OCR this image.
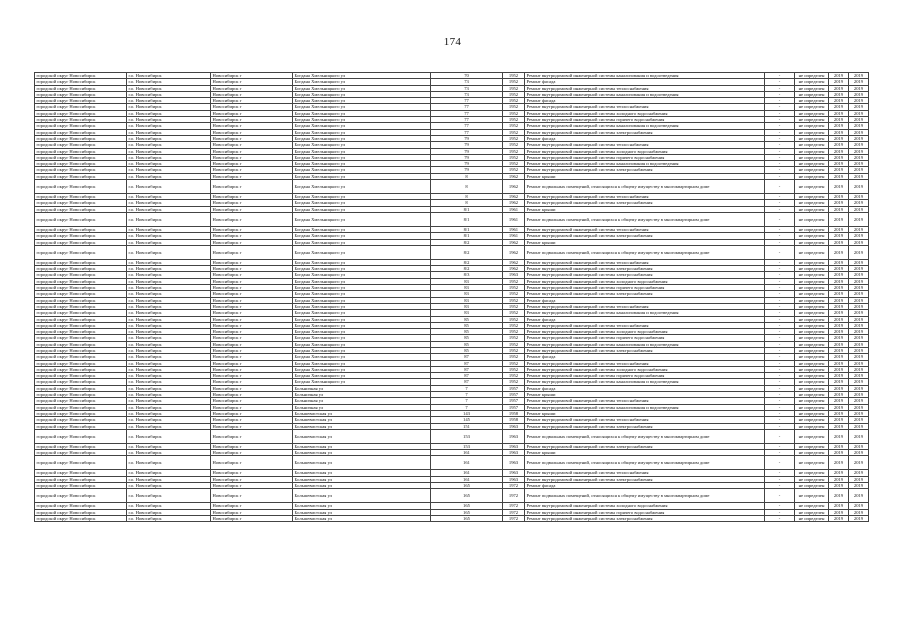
174
городской округ Новосибирск	г.о. Новосибирск	Новосибирск г	Богдана Хмельницкого ул	70	1952	Ремонт внутридомовой инженерной системы канализования и водоотведения	-	не определен	2019	2019
городской округ Новосибирск	г.о. Новосибирск	Новосибирск г	Богдана Хмельницкого ул	73	1952	Ремонт фасада	-	не определен	2019	2019
городской округ Новосибирск	г.о. Новосибирск	Новосибирск г	Богдана Хмельницкого ул	73	1952	Ремонт внутридомовой инженерной системы теплоснабжения	-	не определен	2019	2019
городской округ Новосибирск	г.о. Новосибирск	Новосибирск г	Богдана Хмельницкого ул	73	1952	Ремонт внутридомовой инженерной системы канализования и водоотведения	-	не определен	2019	2019
городской округ Новосибирск	г.о. Новосибирск	Новосибирск г	Богдана Хмельницкого ул	77	1952	Ремонт фасада	-	не определен	2019	2019
городской округ Новосибирск	г.о. Новосибирск	Новосибирск г	Богдана Хмельницкого ул	77	1952	Ремонт внутридомовой инженерной системы теплоснабжения	-	не определен	2019	2019
городской округ Новосибирск	г.о. Новосибирск	Новосибирск г	Богдана Хмельницкого ул	77	1952	Ремонт внутридомовой инженерной системы холодного водоснабжения	-	не определен	2019	2019
городской округ Новосибирск	г.о. Новосибирск	Новосибирск г	Богдана Хмельницкого ул	77	1952	Ремонт внутридомовой инженерной системы горячего водоснабжения	-	не определен	2019	2019
городской округ Новосибирск	г.о. Новосибирск	Новосибирск г	Богдана Хмельницкого ул	77	1952	Ремонт внутридомовой инженерной системы канализования и водоотведения	-	не определен	2019	2019
городской округ Новосибирск	г.о. Новосибирск	Новосибирск г	Богдана Хмельницкого ул	77	1952	Ремонт внутридомовой инженерной системы электроснабжения	-	не определен	2019	2019
городской округ Новосибирск	г.о. Новосибирск	Новосибирск г	Богдана Хмельницкого ул	79	1952	Ремонт фасада	-	не определен	2019	2019
городской округ Новосибирск	г.о. Новосибирск	Новосибирск г	Богдана Хмельницкого ул	79	1952	Ремонт внутридомовой инженерной системы теплоснабжения	-	не определен	2019	2019
городской округ Новосибирск	г.о. Новосибирск	Новосибирск г	Богдана Хмельницкого ул	79	1952	Ремонт внутридомовой инженерной системы холодного водоснабжения	-	не определен	2019	2019
городской округ Новосибирск	г.о. Новосибирск	Новосибирск г	Богдана Хмельницкого ул	79	1952	Ремонт внутридомовой инженерной системы горячего водоснабжения	-	не определен	2019	2019
городской округ Новосибирск	г.о. Новосибирск	Новосибирск г	Богдана Хмельницкого ул	79	1952	Ремонт внутридомовой инженерной системы канализования и водоотведения	-	не определен	2019	2019
городской округ Новосибирск	г.о. Новосибирск	Новосибирск г	Богдана Хмельницкого ул	79	1952	Ремонт внутридомовой инженерной системы электроснабжения	-	не определен	2019	2019
городской округ Новосибирск	г.о. Новосибирск	Новосибирск г	Богдана Хмельницкого ул	8	1962	Ремонт крыши	-	не определен	2019	2019
городской округ Новосибирск	г.о. Новосибирск	Новосибирск г	Богдана Хмельницкого ул	8	1962	Ремонт подвальных помещений, относящихся к общему имуществу в многоквартирном доме	-	не определен	2019	2019
городской округ Новосибирск	г.о. Новосибирск	Новосибирск г	Богдана Хмельницкого ул	8	1962	Ремонт внутридомовой инженерной системы теплоснабжения	-	не определен	2019	2019
городской округ Новосибирск	г.о. Новосибирск	Новосибирск г	Богдана Хмельницкого ул	8	1962	Ремонт внутридомовой инженерной системы электроснабжения	-	не определен	2019	2019
городской округ Новосибирск	г.о. Новосибирск	Новосибирск г	Богдана Хмельницкого ул	8/1	1961	Ремонт крыши	-	не определен	2019	2019
городской округ Новосибирск	г.о. Новосибирск	Новосибирск г	Богдана Хмельницкого ул	8/1	1961	Ремонт подвальных помещений, относящихся к общему имуществу в многоквартирном доме	-	не определен	2019	2019
городской округ Новосибирск	г.о. Новосибирск	Новосибирск г	Богдана Хмельницкого ул	8/1	1961	Ремонт внутридомовой инженерной системы теплоснабжения	-	не определен	2019	2019
городской округ Новосибирск	г.о. Новосибирск	Новосибирск г	Богдана Хмельницкого ул	8/1	1961	Ремонт внутридомовой инженерной системы электроснабжения	-	не определен	2019	2019
городской округ Новосибирск	г.о. Новосибирск	Новосибирск г	Богдана Хмельницкого ул	8/2	1962	Ремонт крыши	-	не определен	2019	2019
городской округ Новосибирск	г.о. Новосибирск	Новосибирск г	Богдана Хмельницкого ул	8/2	1962	Ремонт подвальных помещений, относящихся к общему имуществу в многоквартирном доме	-	не определен	2019	2019
городской округ Новосибирск	г.о. Новосибирск	Новосибирск г	Богдана Хмельницкого ул	8/2	1962	Ремонт внутридомовой инженерной системы теплоснабжения	-	не определен	2019	2019
городской округ Новосибирск	г.о. Новосибирск	Новосибирск г	Богдана Хмельницкого ул	8/2	1962	Ремонт внутридомовой инженерной системы электроснабжения	-	не определен	2019	2019
городской округ Новосибирск	г.о. Новосибирск	Новосибирск г	Богдана Хмельницкого ул	8/3	1963	Ремонт внутридомовой инженерной системы электроснабжения	-	не определен	2019	2019
городской округ Новосибирск	г.о. Новосибирск	Новосибирск г	Богдана Хмельницкого ул	83	1952	Ремонт внутридомовой инженерной системы холодного водоснабжения	-	не определен	2019	2019
городской округ Новосибирск	г.о. Новосибирск	Новосибирск г	Богдана Хмельницкого ул	83	1952	Ремонт внутридомовой инженерной системы горячего водоснабжения	-	не определен	2019	2019
городской округ Новосибирск	г.о. Новосибирск	Новосибирск г	Богдана Хмельницкого ул	83	1952	Ремонт внутридомовой инженерной системы электроснабжения	-	не определен	2019	2019
городской округ Новосибирск	г.о. Новосибирск	Новосибирск г	Богдана Хмельницкого ул	83	1952	Ремонт фасада	-	не определен	2019	2019
городской округ Новосибирск	г.о. Новосибирск	Новосибирск г	Богдана Хмельницкого ул	83	1952	Ремонт внутридомовой инженерной системы теплоснабжения	-	не определен	2019	2019
городской округ Новосибирск	г.о. Новосибирск	Новосибирск г	Богдана Хмельницкого ул	83	1952	Ремонт внутридомовой инженерной системы канализования и водоотведения	-	не определен	2019	2019
городской округ Новосибирск	г.о. Новосибирск	Новосибирск г	Богдана Хмельницкого ул	85	1952	Ремонт фасада	-	не определен	2019	2019
городской округ Новосибирск	г.о. Новосибирск	Новосибирск г	Богдана Хмельницкого ул	85	1952	Ремонт внутридомовой инженерной системы теплоснабжения	-	не определен	2019	2019
городской округ Новосибирск	г.о. Новосибирск	Новосибирск г	Богдана Хмельницкого ул	85	1952	Ремонт внутридомовой инженерной системы холодного водоснабжения	-	не определен	2019	2019
городской округ Новосибирск	г.о. Новосибирск	Новосибирск г	Богдана Хмельницкого ул	85	1952	Ремонт внутридомовой инженерной системы горячего водоснабжения	-	не определен	2019	2019
городской округ Новосибирск	г.о. Новосибирск	Новосибирск г	Богдана Хмельницкого ул	85	1952	Ремонт внутридомовой инженерной системы канализования и водоотведения	-	не определен	2019	2019
городской округ Новосибирск	г.о. Новосибирск	Новосибирск г	Богдана Хмельницкого ул	85	1952	Ремонт внутридомовой инженерной системы электроснабжения	-	не определен	2019	2019
городской округ Новосибирск	г.о. Новосибирск	Новосибирск г	Богдана Хмельницкого ул	87	1952	Ремонт фасада	-	не определен	2019	2019
городской округ Новосибирск	г.о. Новосибирск	Новосибирск г	Богдана Хмельницкого ул	87	1952	Ремонт внутридомовой инженерной системы теплоснабжения	-	не определен	2019	2019
городской округ Новосибирск	г.о. Новосибирск	Новосибирск г	Богдана Хмельницкого ул	87	1952	Ремонт внутридомовой инженерной системы холодного водоснабжения	-	не определен	2019	2019
городской округ Новосибирск	г.о. Новосибирск	Новосибирск г	Богдана Хмельницкого ул	87	1952	Ремонт внутридомовой инженерной системы горячего водоснабжения	-	не определен	2019	2019
городской округ Новосибирск	г.о. Новосибирск	Новосибирск г	Богдана Хмельницкого ул	87	1952	Ремонт внутридомовой инженерной системы канализования и водоотведения	-	не определен	2019	2019
городской округ Новосибирск	г.о. Новосибирск	Новосибирск г	Больничная ул	7	1957	Ремонт фасада	-	не определен	2019	2019
городской округ Новосибирск	г.о. Новосибирск	Новосибирск г	Больничная ул	7	1957	Ремонт крыши	-	не определен	2019	2019
городской округ Новосибирск	г.о. Новосибирск	Новосибирск г	Больничная ул	7	1957	Ремонт внутридомовой инженерной системы теплоснабжения	-	не определен	2019	2019
городской округ Новосибирск	г.о. Новосибирск	Новосибирск г	Больничная ул	7	1957	Ремонт внутридомовой инженерной системы канализования и водоотведения	-	не определен	2019	2019
городской округ Новосибирск	г.о. Новосибирск	Новосибирск г	Большевистская ул	143	1958	Ремонт крыши	-	не определен	2019	2019
городской округ Новосибирск	г.о. Новосибирск	Новосибирск г	Большевистская ул	145	1958	Ремонт внутридомовой инженерной системы теплоснабжения	-	не определен	2019	2019
городской округ Новосибирск	г.о. Новосибирск	Новосибирск г	Большевистская ул	151	1963	Ремонт внутридомовой инженерной системы электроснабжения	-	не определен	2019	2019
городской округ Новосибирск	г.о. Новосибирск	Новосибирск г	Большевистская ул	153	1963	Ремонт подвальных помещений, относящихся к общему имуществу в многоквартирном доме	-	не определен	2019	2019
городской округ Новосибирск	г.о. Новосибирск	Новосибирск г	Большевистская ул	153	1963	Ремонт внутридомовой инженерной системы электроснабжения	-	не определен	2019	2019
городской округ Новосибирск	г.о. Новосибирск	Новосибирск г	Большевистская ул	161	1963	Ремонт крыши	-	не определен	2019	2019
городской округ Новосибирск	г.о. Новосибирск	Новосибирск г	Большевистская ул	161	1963	Ремонт подвальных помещений, относящихся к общему имуществу в многоквартирном доме	-	не определен	2019	2019
городской округ Новосибирск	г.о. Новосибирск	Новосибирск г	Большевистская ул	161	1963	Ремонт внутридомовой инженерной системы теплоснабжения	-	не определен	2019	2019
городской округ Новосибирск	г.о. Новосибирск	Новосибирск г	Большевистская ул	161	1963	Ремонт внутридомовой инженерной системы электроснабжения	-	не определен	2019	2019
городской округ Новосибирск	г.о. Новосибирск	Новосибирск г	Большевистская ул	165	1972	Ремонт фасада	-	не определен	2019	2019
городской округ Новосибирск	г.о. Новосибирск	Новосибирск г	Большевистская ул	165	1972	Ремонт подвальных помещений, относящихся к общему имуществу в многоквартирном доме	-	не определен	2019	2019
городской округ Новосибирск	г.о. Новосибирск	Новосибирск г	Большевистская ул	165	1972	Ремонт внутридомовой инженерной системы холодного водоснабжения	-	не определен	2019	2019
городской округ Новосибирск	г.о. Новосибирск	Новосибирск г	Большевистская ул	165	1972	Ремонт внутридомовой инженерной системы горячего водоснабжения	-	не определен	2019	2019
городской округ Новосибирск	г.о. Новосибирск	Новосибирск г	Большевистская ул	165	1972	Ремонт внутридомовой инженерной системы электроснабжения	-	не определен	2019	2019
